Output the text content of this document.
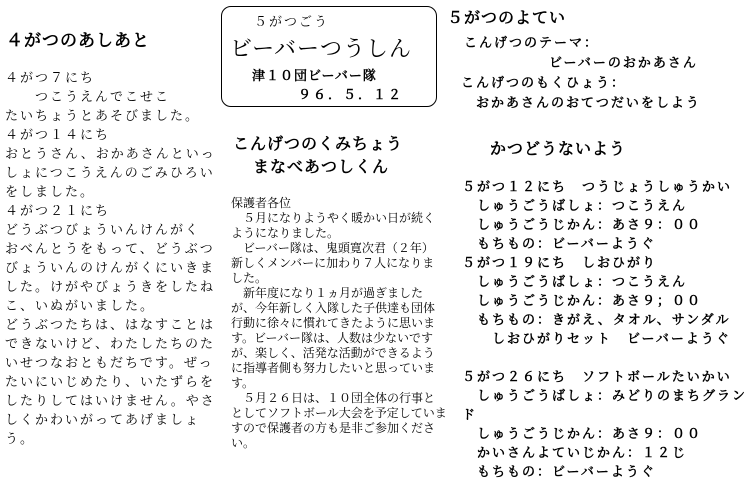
４がつのあしあと
４がつ７にち
　　つこうえんでこせこ
たいちょうとあそびました。
４がつ１４にち
おとうさん、おかあさんといっ
しょにつこうえんのごみひろい
をしました。
４がつ２１にち
どうぶつびょういんけんがく
おべんとうをもって、どうぶつ
びょういんのけんがくにいきま
した。けがやびょうきをしたね
こ、いぬがいました。
どうぶつたちは、はなすことは
できないけど、わたしたちのた
いせつなおともだちです。ぜっ
たいにいじめたり、いたずらを
したりしてはいけません。やさ
しくかわいがってあげましょ
う。
５がつごう
ビーバーつうしん
津１０団ビーバー隊
９６．５．１２
こんげつのくみちょう
まなべあつしくん
保護者各位
　５月になりようやく暖かい日が続く
ようになりました。
　ビーバー隊は、鬼頭寛次君（２年）
新しくメンバーに加わり７人になりま
した。
　新年度になり１ヵ月が過ぎました
が、今年新しく入隊した子供達も団体
行動に徐々に慣れてきたように思いま
す。ビーバー隊は、人数は少ないです
が、楽しく、活発な活動ができるよう
に指導者側も努力したいと思っていま
す。
　５月２６日は、１０団全体の行事と
としてソフトボール大会を予定していま
すので保護者の方も是非ご参加くださ
い。
５がつのよてい
こんげつのテーマ：
ビーバーのおかあさん
こんげつのもくひょう：
おかあさんのおてつだいをしよう
かつどうないよう
５がつ１２にち　つうじょうしゅうかい
　しゅうごうばしょ：つこうえん
　しゅうごうじかん：あさ９：００
　もちもの：ビーバーようぐ
５がつ１９にち　しおひがり
　しゅうごうばしょ：つこうえん
　しゅうごうじかん：あさ９；００
　もちもの：きがえ、タオル、サンダル
　　しおひがりセット　ビーバーようぐ
５がつ２６にち　ソフトボールたいかい
　しゅうごうばしょ：みどりのまちグラン
ド
　しゅうごうじかん：あさ９：００
　かいさんよていじかん：１２じ
　もちもの：ビーバーようぐ
